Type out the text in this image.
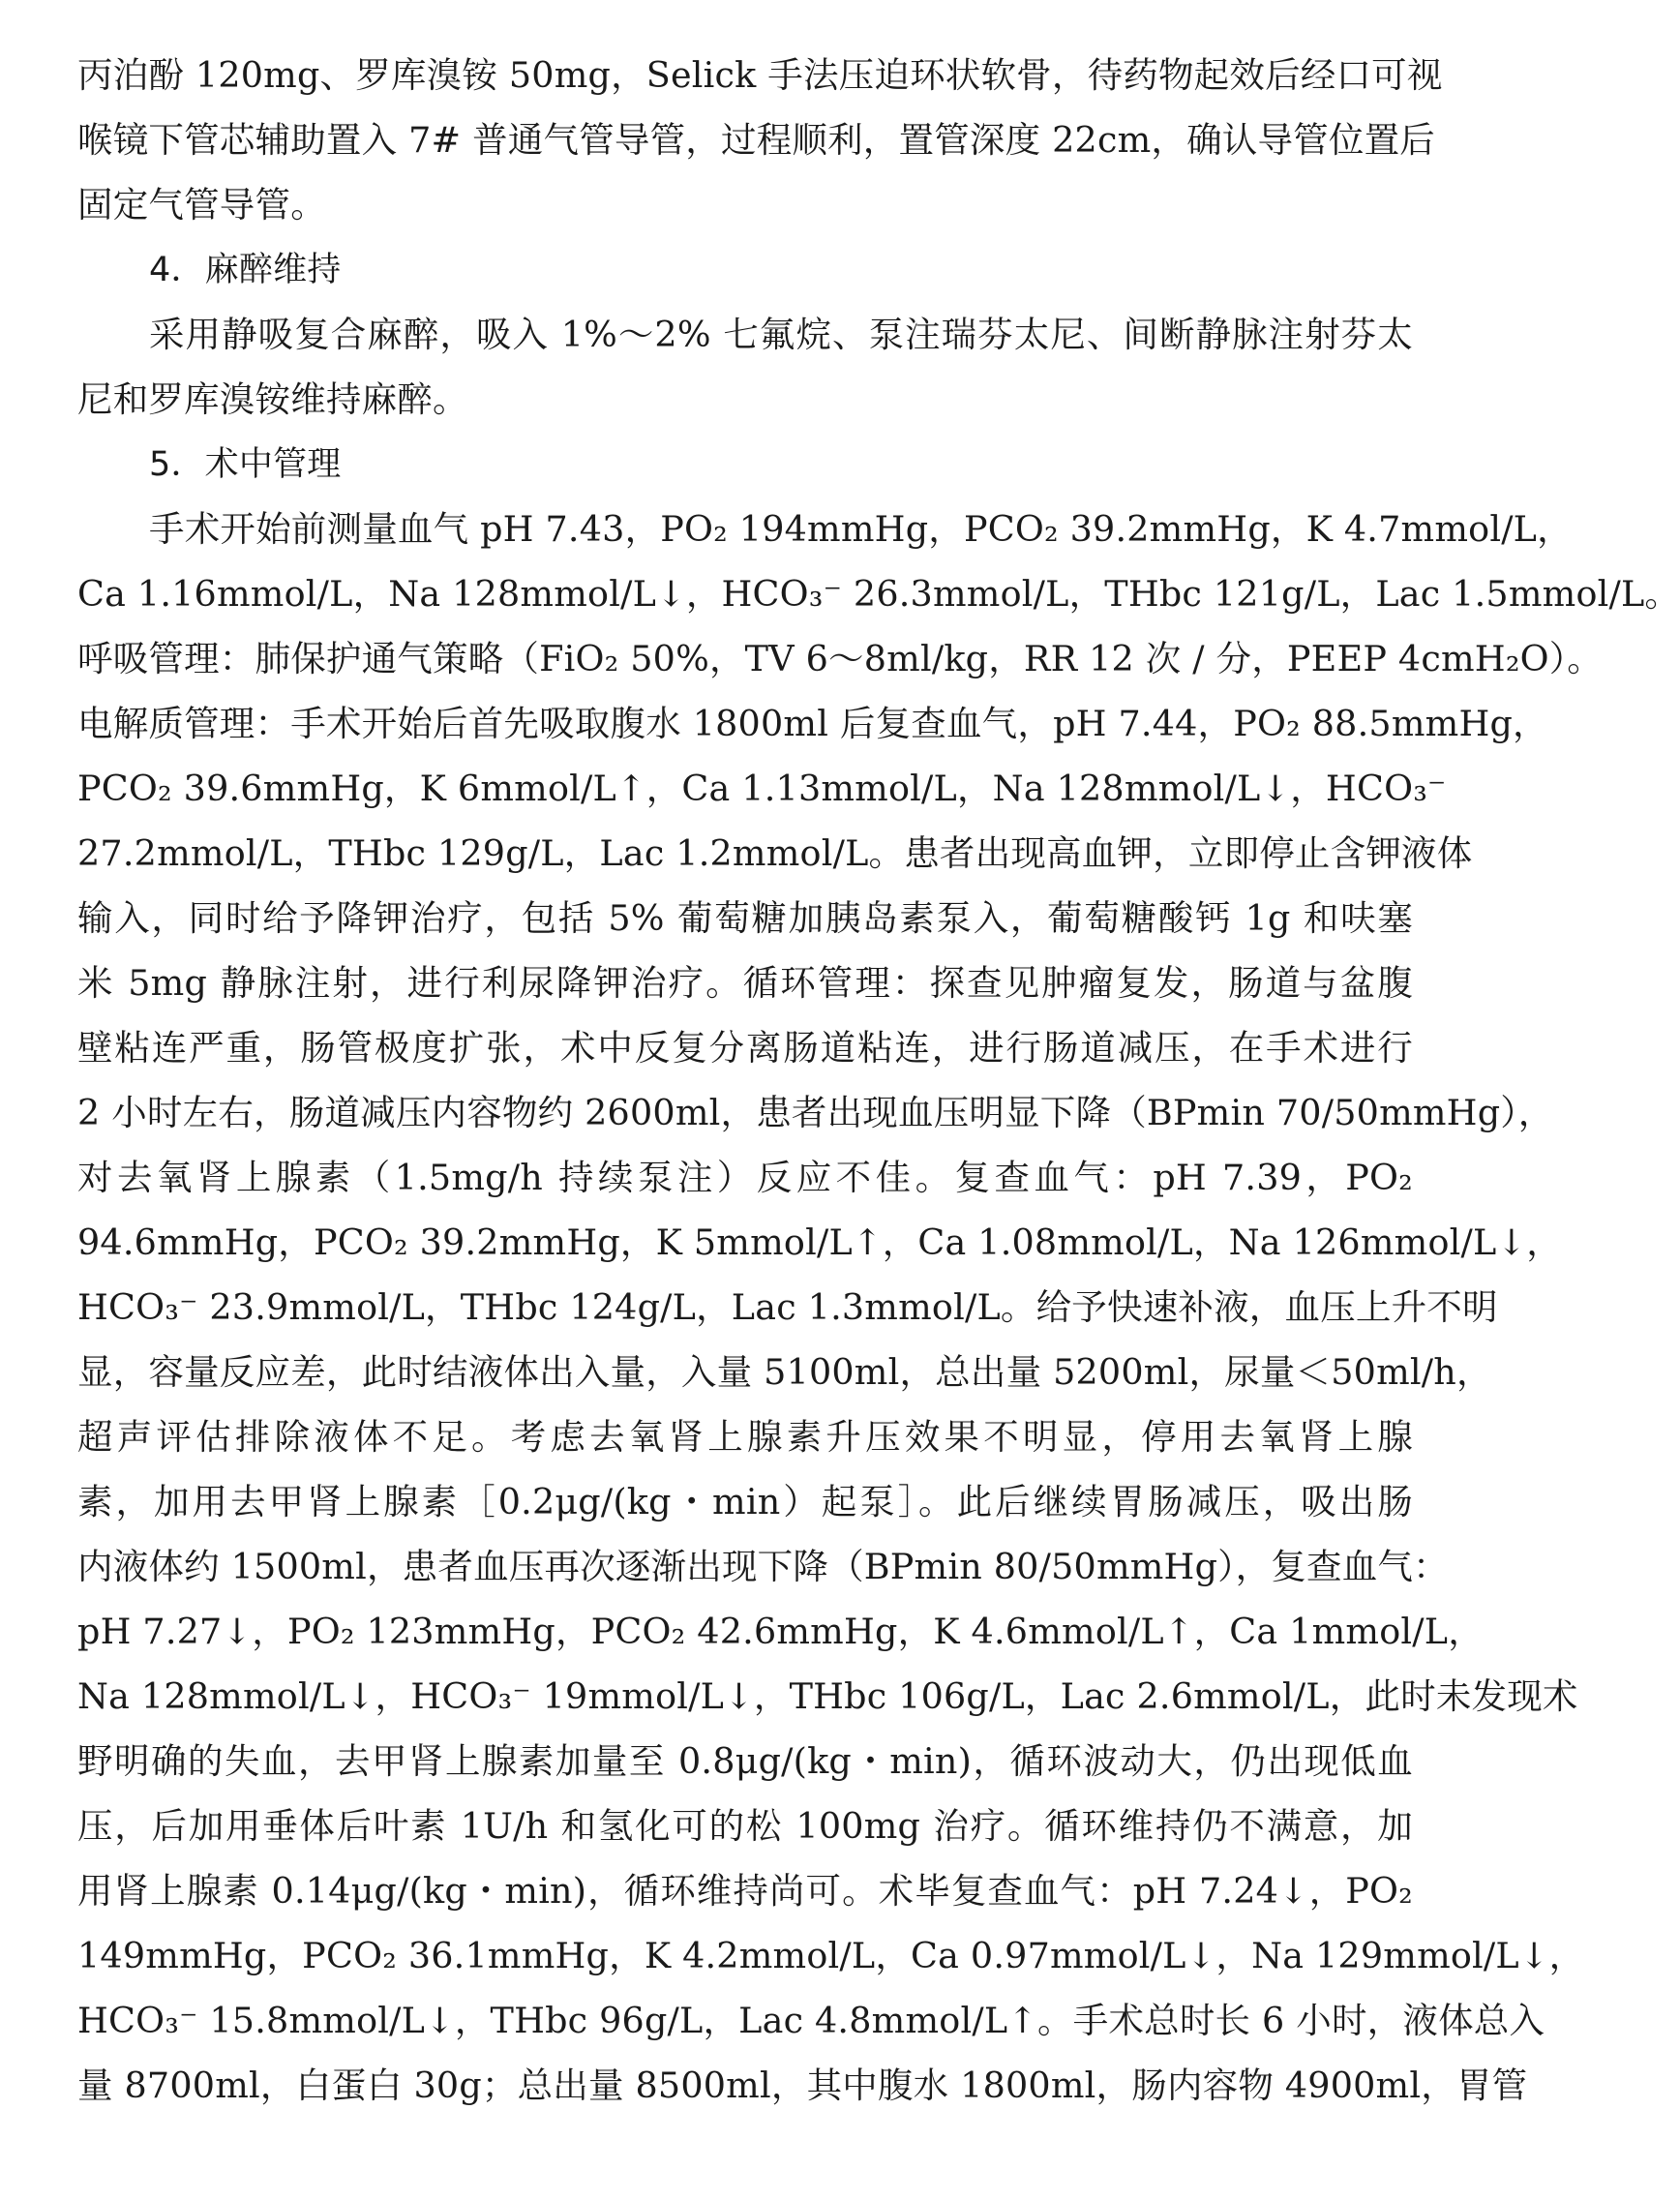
丙泊酚 120mg、罗库溴铵 50mg，Selick 手法压迫环状软骨，待药物起效后经口可视
喉镜下管芯辅助置入 7# 普通气管导管，过程顺利，置管深度 22cm，确认导管位置后
固定气管导管。
4．麻醉维持
采用静吸复合麻醉，吸入 1%～2% 七氟烷、泵注瑞芬太尼、间断静脉注射芬太
尼和罗库溴铵维持麻醉。
5．术中管理
手术开始前测量血气 pH 7.43，PO₂ 194mmHg，PCO₂ 39.2mmHg，K 4.7mmol/L，
Ca 1.16mmol/L，Na 128mmol/L↓，HCO₃⁻ 26.3mmol/L，THbc 121g/L，Lac 1.5mmol/L。
呼吸管理：肺保护通气策略（FiO₂ 50%，TV 6～8ml/kg，RR 12 次 / 分，PEEP 4cmH₂O）。
电解质管理：手术开始后首先吸取腹水 1800ml 后复查血气，pH 7.44，PO₂ 88.5mmHg，
PCO₂ 39.6mmHg，K 6mmol/L↑，Ca 1.13mmol/L，Na 128mmol/L↓，HCO₃⁻
27.2mmol/L，THbc 129g/L，Lac 1.2mmol/L。患者出现高血钾，立即停止含钾液体
输入，同时给予降钾治疗，包括 5% 葡萄糖加胰岛素泵入，葡萄糖酸钙 1g 和呋塞
米 5mg 静脉注射，进行利尿降钾治疗。循环管理：探查见肿瘤复发，肠道与盆腹
壁粘连严重，肠管极度扩张，术中反复分离肠道粘连，进行肠道减压，在手术进行
2 小时左右，肠道减压内容物约 2600ml，患者出现血压明显下降（BPmin 70/50mmHg），
对去氧肾上腺素（1.5mg/h 持续泵注）反应不佳。复查血气：pH 7.39，PO₂
94.6mmHg，PCO₂ 39.2mmHg，K 5mmol/L↑，Ca 1.08mmol/L，Na 126mmol/L↓，
HCO₃⁻ 23.9mmol/L，THbc 124g/L，Lac 1.3mmol/L。给予快速补液，血压上升不明
显，容量反应差，此时结液体出入量，入量 5100ml，总出量 5200ml，尿量＜50ml/h，
超声评估排除液体不足。考虑去氧肾上腺素升压效果不明显，停用去氧肾上腺
素，加用去甲肾上腺素［0.2μg/(kg・min）起泵］。此后继续胃肠减压，吸出肠
内液体约 1500ml，患者血压再次逐渐出现下降（BPmin 80/50mmHg），复查血气：
pH 7.27↓，PO₂ 123mmHg，PCO₂ 42.6mmHg，K 4.6mmol/L↑，Ca 1mmol/L，
Na 128mmol/L↓，HCO₃⁻ 19mmol/L↓，THbc 106g/L，Lac 2.6mmol/L，此时未发现术
野明确的失血，去甲肾上腺素加量至 0.8μg/(kg・min)，循环波动大，仍出现低血
压，后加用垂体后叶素 1U/h 和氢化可的松 100mg 治疗。循环维持仍不满意，加
用肾上腺素 0.14μg/(kg・min)，循环维持尚可。术毕复查血气：pH 7.24↓，PO₂
149mmHg，PCO₂ 36.1mmHg，K 4.2mmol/L，Ca 0.97mmol/L↓，Na 129mmol/L↓，
HCO₃⁻ 15.8mmol/L↓，THbc 96g/L，Lac 4.8mmol/L↑。手术总时长 6 小时，液体总入
量 8700ml，白蛋白 30g；总出量 8500ml，其中腹水 1800ml，肠内容物 4900ml，胃管
